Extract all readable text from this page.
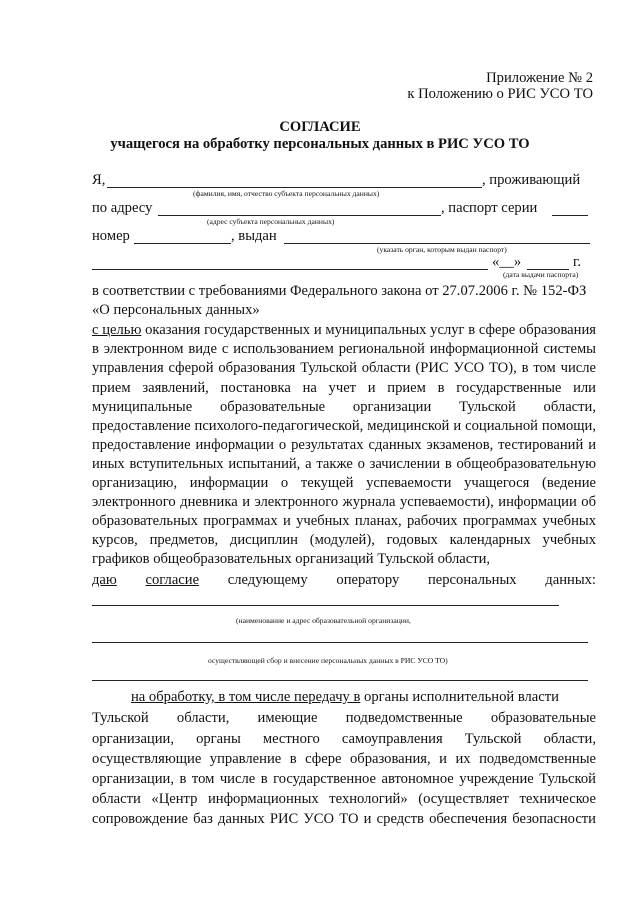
Приложение № 2
к Положению о РИС УСО ТО
СОГЛАСИЕ
учащегося на обработку персональных данных в РИС УСО ТО
Я,	, проживающий
(фамилия, имя, отчество субъекта персональных данных)
по адресу	, паспорт серии
(адрес субъекта персональных данных)
номер	, выдан
(указать орган, которым выдан паспорт)
«__»	г.
(дата выдачи паспорта)
в соответствии с требованиями Федерального закона от 27.07.2006 г. № 152-ФЗ
«О персональных данных»
с целью оказания государственных и муниципальных услуг в сфере образования
в электронном виде с использованием региональной информационной системы
управления сферой образования Тульской области (РИС УСО ТО), в том числе
прием заявлений, постановка на учет и прием в государственные или
муниципальные образовательные организации Тульской области,
предоставление психолого-педагогической, медицинской и социальной помощи,
предоставление информации о результатах сданных экзаменов, тестирований и
иных вступительных испытаний, а также о зачислении в общеобразовательную
организацию, информации о текущей успеваемости учащегося (ведение
электронного дневника и электронного журнала успеваемости), информации об
образовательных программах и учебных планах, рабочих программах учебных
курсов, предметов, дисциплин (модулей), годовых календарных учебных
графиков общеобразовательных организаций Тульской области,
даю согласие следующему оператору персональных данных:
(наименование и адрес образовательной организации,
осуществляющей сбор и внесение персональных данных в РИС УСО ТО)
на обработку, в том числе передачу в органы исполнительной власти
Тульской области, имеющие подведомственные образовательные
организации, органы местного самоуправления Тульской области,
осуществляющие управление в сфере образования, и их подведомственные
организации, в том числе в государственное автономное учреждение Тульской
области «Центр информационных технологий» (осуществляет техническое
сопровождение баз данных РИС УСО ТО и средств обеспечения безопасности
